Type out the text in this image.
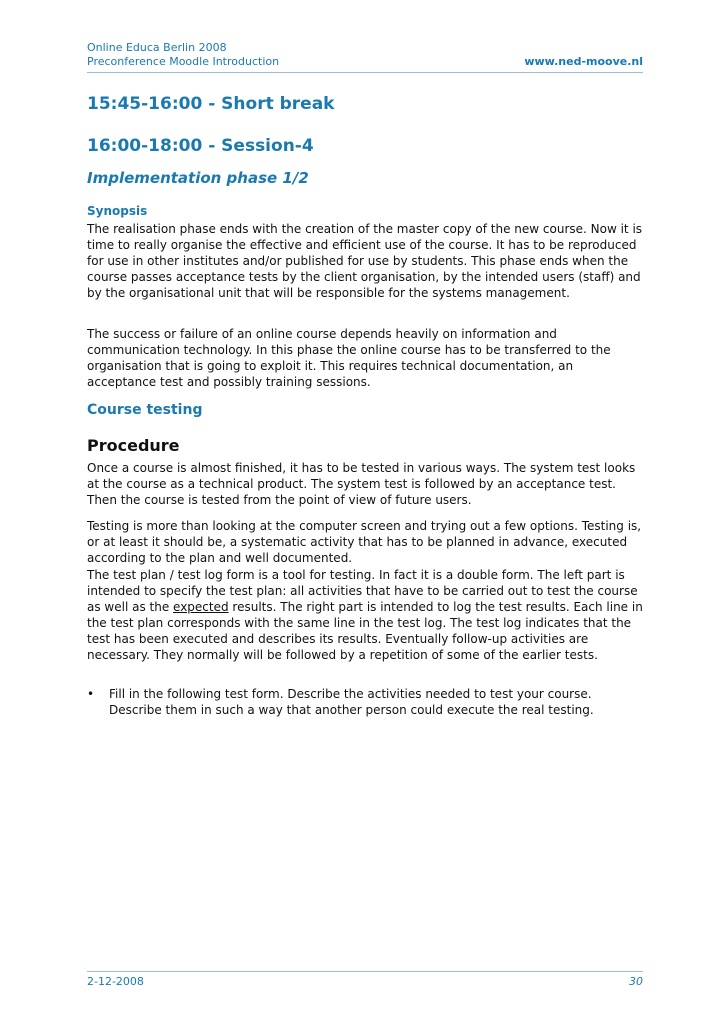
Online Educa Berlin 2008
Preconference Moodle Introduction	www.ned-moove.nl
15:45-16:00 - Short break
16:00-18:00 - Session-4
Implementation phase 1/2
Synopsis

The realisation phase ends with the creation of the master copy of the new course. Now it is time to really organise the effective and efficient use of the course. It has to be reproduced for use in other institutes and/or published for use by students. This phase ends when the course passes acceptance tests by the client organisation, by the intended users (staff) and by the organisational unit that will be responsible for the systems management.

The success or failure of an online course depends heavily on information and communication technology. In this phase the online course has to be transferred to the organisation that is going to exploit it. This requires technical documentation, an acceptance test and possibly training sessions.

Course testing
Procedure

Once a course is almost finished, it has to be tested in various ways. The system test looks at the course as a technical product. The system test is followed by an acceptance test. Then the course is tested from the point of view of future users.

Testing is more than looking at the computer screen and trying out a few options. Testing is, or at least it should be, a systematic activity that has to be planned in advance, executed according to the plan and well documented.

The test plan / test log form is a tool for testing. In fact it is a double form. The left part is intended to specify the test plan: all activities that have to be carried out to test the course as well as the expected results. The right part is intended to log the test results. Each line in the test plan corresponds with the same line in the test log. The test log indicates that the test has been executed and describes its results. Eventually follow-up activities are necessary. They normally will be followed by a repetition of some of the earlier tests.

•	Fill in the following test form. Describe the activities needed to test your course. Describe them in such a way that another person could execute the real testing.

2-12-2008	30
